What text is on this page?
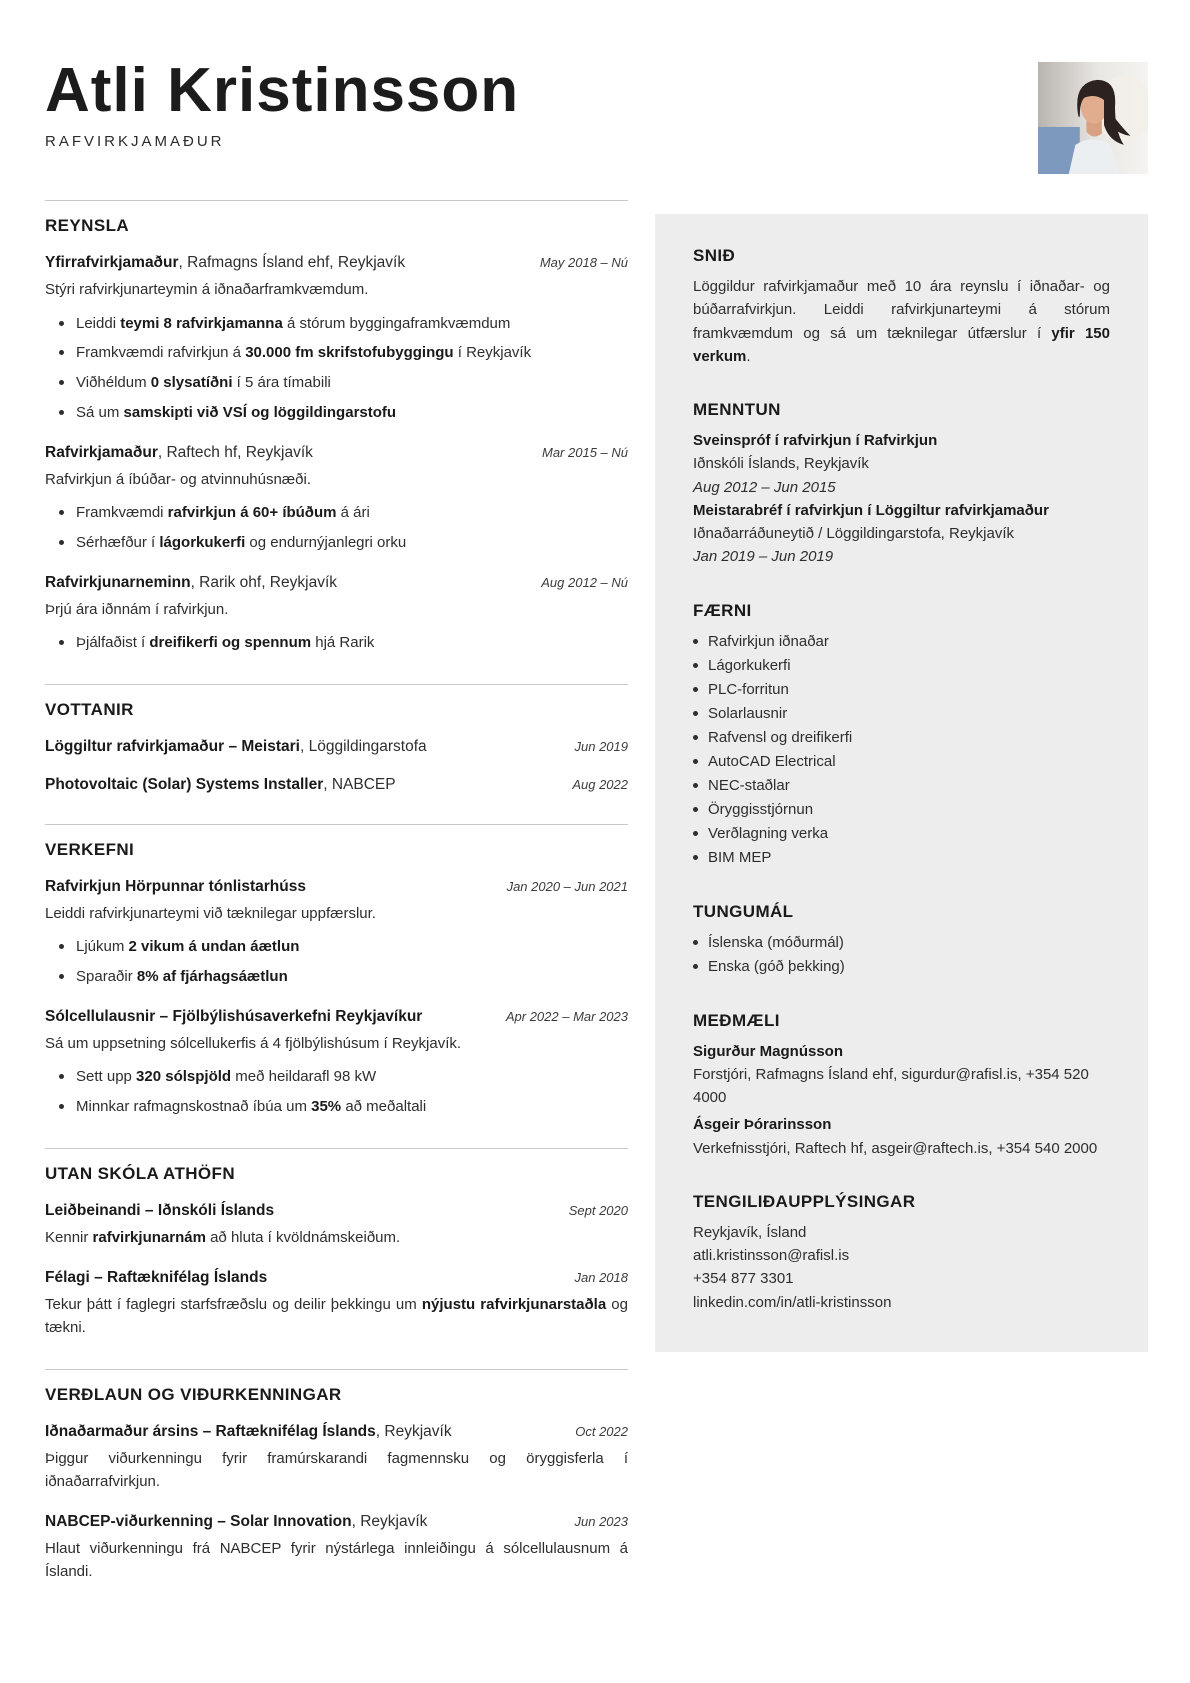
Atli Kristinsson
RAFVIRKJAMAÐUR
REYNSLA
Yfirrafvirkjamaður, Rafmagns Ísland ehf, Reykjavík	May 2018 – Nú
Stýri rafvirkjunarteymin á iðnaðarframkvæmdum.
Leiddi teymi 8 rafvirkjamanna á stórum byggingaframkvæmdum
Framkvæmdi rafvirkjun á 30.000 fm skrifstofubyggingu í Reykjavík
Viðhéldum 0 slysatíðni í 5 ára tímabili
Sá um samskipti við VSÍ og löggildingarstofu
Rafvirkjamaður, Raftech hf, Reykjavík	Mar 2015 – Nú
Rafvirkjun á íbúðar- og atvinnuhúsnæði.
Framkvæmdi rafvirkjun á 60+ íbúðum á ári
Sérhæfður í lágorkukerfi og endurnýjanlegri orku
Rafvirkjunarneminn, Rarik ohf, Reykjavík	Aug 2012 – Nú
Þrjú ára iðnnám í rafvirkjun.
Þjálfaðist í dreifikerfi og spennum hjá Rarik
VOTTANIR
Löggiltur rafvirkjamaður – Meistari, Löggildingarstofa	Jun 2019
Photovoltaic (Solar) Systems Installer, NABCEP	Aug 2022
VERKEFNI
Rafvirkjun Hörpunnar tónlistarhúss	Jan 2020 – Jun 2021
Leiddi rafvirkjunarteymi við tæknilegar uppfærslur.
Ljúkum 2 vikum á undan áætlun
Sparaðir 8% af fjárhagsáætlun
Sólcellulausnir – Fjölbýlishúsaverkefni Reykjavíkur	Apr 2022 – Mar 2023
Sá um uppsetning sólcellukerfis á 4 fjölbýlishúsum í Reykjavík.
Sett upp 320 sólspjöld með heildarafl 98 kW
Minnkar rafmagnskostnað íbúa um 35% að meðaltali
UTAN SKÓLA ATHÖFN
Leiðbeinandi – Iðnskóli Íslands	Sept 2020
Kennir rafvirkjunarnám að hluta í kvöldnámskeiðum.
Félagi – Raftæknifélag Íslands	Jan 2018
Tekur þátt í faglegri starfsfræðslu og deilir þekkingu um nýjustu rafvirkjunarstaðla og tækni.
VERÐLAUN OG VIÐURKENNINGAR
Iðnaðarmaður ársins – Raftæknifélag Íslands, Reykjavík	Oct 2022
Þiggur viðurkenningu fyrir framúrskarandi fagmennsku og öryggisferla í iðnaðarrafvirkjun.
NABCEP-viðurkenning – Solar Innovation, Reykjavík	Jun 2023
Hlaut viðurkenningu frá NABCEP fyrir nýstárlega innleiðingu á sólcellulausnum á Íslandi.
SNIÐ
Löggildur rafvirkjamaður með 10 ára reynslu í iðnaðar- og búðarrafvirkjun. Leiddi rafvirkjunarteymi á stórum framkvæmdum og sá um tæknilegar útfærslur í yfir 150 verkum.
MENNTUN
Sveinspróf í rafvirkjun í Rafvirkjun
Iðnskóli Íslands, Reykjavík
Aug 2012 – Jun 2015
Meistarabréf í rafvirkjun í Löggiltur rafvirkjamaður
Iðnaðarráðuneytið / Löggildingarstofa, Reykjavík
Jan 2019 – Jun 2019
FÆRNI
Rafvirkjun iðnaðar
Lágorkukerfi
PLC-forritun
Solarlausnir
Rafvensl og dreifikerfi
AutoCAD Electrical
NEC-staðlar
Öryggisstjórnun
Verðlagning verka
BIM MEP
TUNGUMÁL
Íslenska (móðurmál)
Enska (góð þekking)
MEÐMÆLI
Sigurður Magnússon
Forstjóri, Rafmagns Ísland ehf, sigurdur@rafisl.is, +354 520 4000
Ásgeir Þórarinsson
Verkefnisstjóri, Raftech hf, asgeir@raftech.is, +354 540 2000
TENGILIÐAUPPLÝSINGAR
Reykjavík, Ísland
atli.kristinsson@rafisl.is
+354 877 3301
linkedin.com/in/atli-kristinsson
